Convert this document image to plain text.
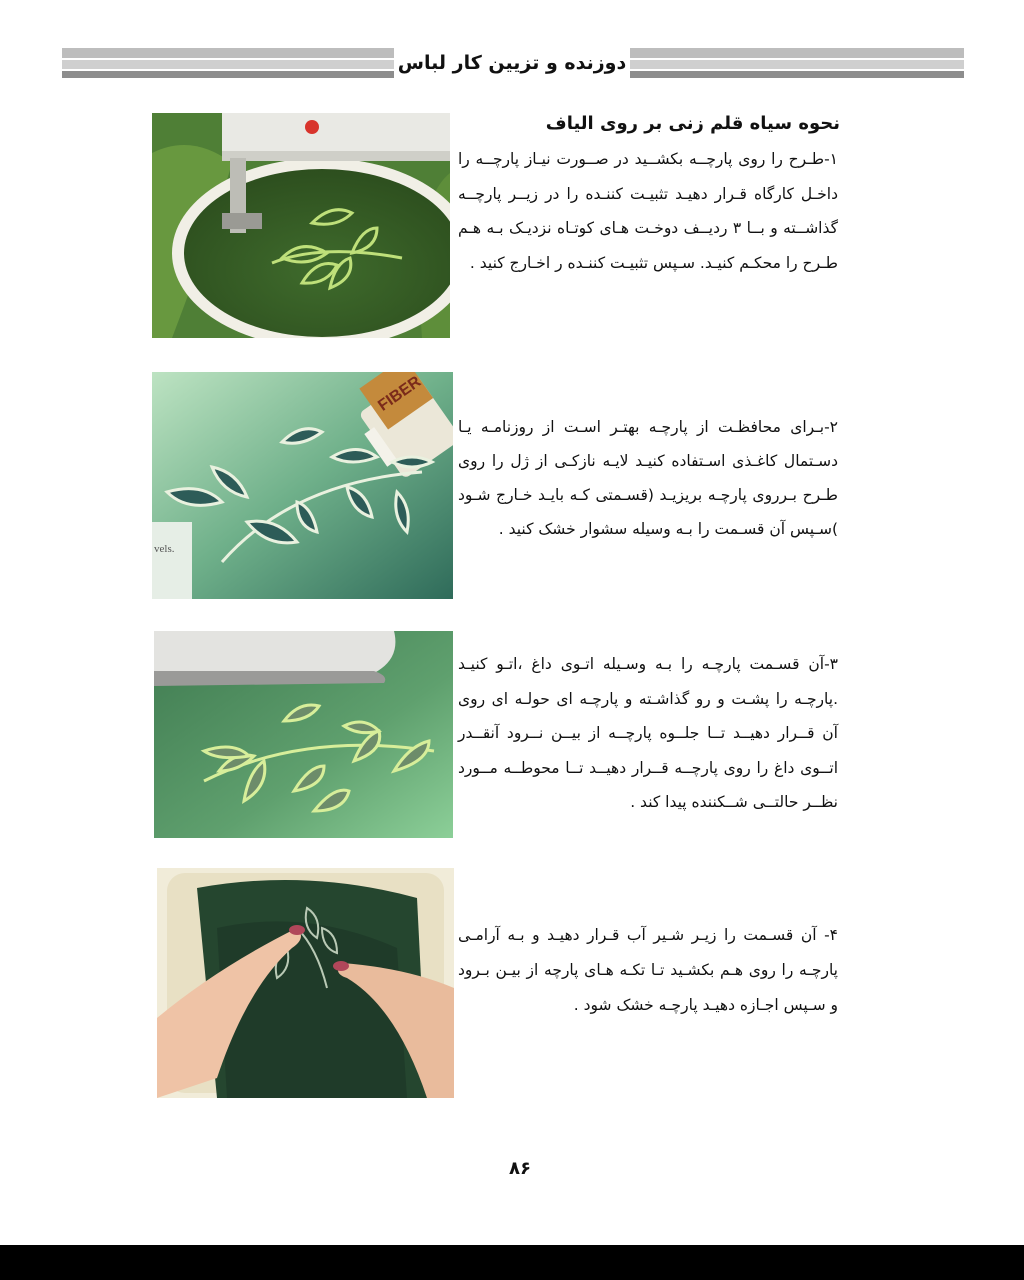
دوزنده و تزیین کار لباس
نحوه سیاه قلم زنی بر روی الیاف
۱-طـرح را روی پارچــه بکشــید در صــورت نیـاز پارچــه را داخـل کارگاه قـرار دهیـد تثبیـت کننـده را در زیــر پارچــه گذاشــته و بــا ۳ ردیــف دوخـت هـای کوتـاه نزدیـک بـه هـم طـرح را محکـم کنیـد. سـپس تثبیـت کننـده ر اخـارج کنید .
vels.
FIBER
۲-بـرای محافظـت از پارچـه بهتـر اسـت از روزنامـه یـا دسـتمال کاغـذی اسـتفاده کنیـد لایـه نازکـی از ژل را روی طـرح بـرروی پارچـه بریزیـد (قسـمتی کـه بایـد خـارج شـود )سـپس آن قسـمت را بـه وسیله سشوار خشک کنید .
۳-آن قسـمت پارچـه را بـه وسـیله اتـوی داغ ،اتـو کنیـد .پارچـه را پشـت و رو گذاشـته و پارچـه ای حولـه ای روی آن قــرار دهیــد تــا جلــوه پارچــه از بیــن نــرود آنقــدر اتــوی داغ را روی پارچــه قــرار دهیــد تــا محوطــه مــورد نظــر حالتــی شــکننده پیدا کند .
۴- آن قسـمت را زیـر شـیر آب قـرار دهیـد و بـه آرامـی پارچـه را روی هـم بکشـید تـا تکـه هـای پارچه از بیـن بـرود و سـپس اجـازه دهیـد پارچـه خشک شود .
۸۶
